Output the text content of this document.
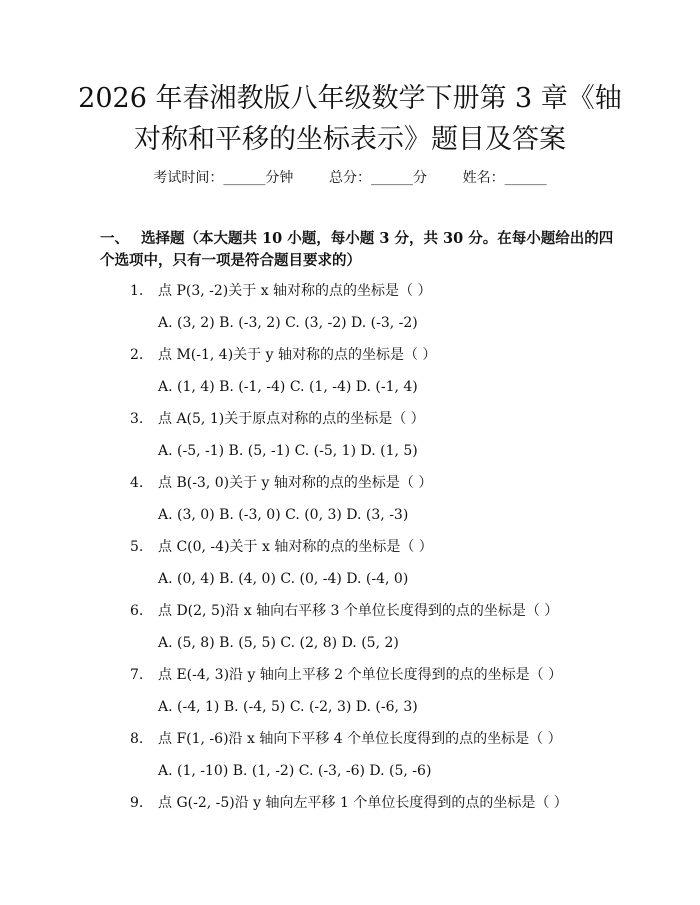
2026 年春湘教版八年级数学下册第 3 章《轴
对称和平移的坐标表示》题目及答案
考试时间：______分钟	总分：______分	姓名：______
一、 选择题（本大题共 10 小题，每小题 3 分，共 30 分。在每小题给出的四个选项中，只有一项是符合题目要求的）
1. 点 P(3, -2)关于 x 轴对称的点的坐标是（ ）
A. (3, 2) B. (-3, 2) C. (3, -2) D. (-3, -2)
2. 点 M(-1, 4)关于 y 轴对称的点的坐标是（ ）
A. (1, 4) B. (-1, -4) C. (1, -4) D. (-1, 4)
3. 点 A(5, 1)关于原点对称的点的坐标是（ ）
A. (-5, -1) B. (5, -1) C. (-5, 1) D. (1, 5)
4. 点 B(-3, 0)关于 y 轴对称的点的坐标是（ ）
A. (3, 0) B. (-3, 0) C. (0, 3) D. (3, -3)
5. 点 C(0, -4)关于 x 轴对称的点的坐标是（ ）
A. (0, 4) B. (4, 0) C. (0, -4) D. (-4, 0)
6. 点 D(2, 5)沿 x 轴向右平移 3 个单位长度得到的点的坐标是（ ）
A. (5, 8) B. (5, 5) C. (2, 8) D. (5, 2)
7. 点 E(-4, 3)沿 y 轴向上平移 2 个单位长度得到的点的坐标是（ ）
A. (-4, 1) B. (-4, 5) C. (-2, 3) D. (-6, 3)
8. 点 F(1, -6)沿 x 轴向下平移 4 个单位长度得到的点的坐标是（ ）
A. (1, -10) B. (1, -2) C. (-3, -6) D. (5, -6)
9. 点 G(-2, -5)沿 y 轴向左平移 1 个单位长度得到的点的坐标是（ ）
